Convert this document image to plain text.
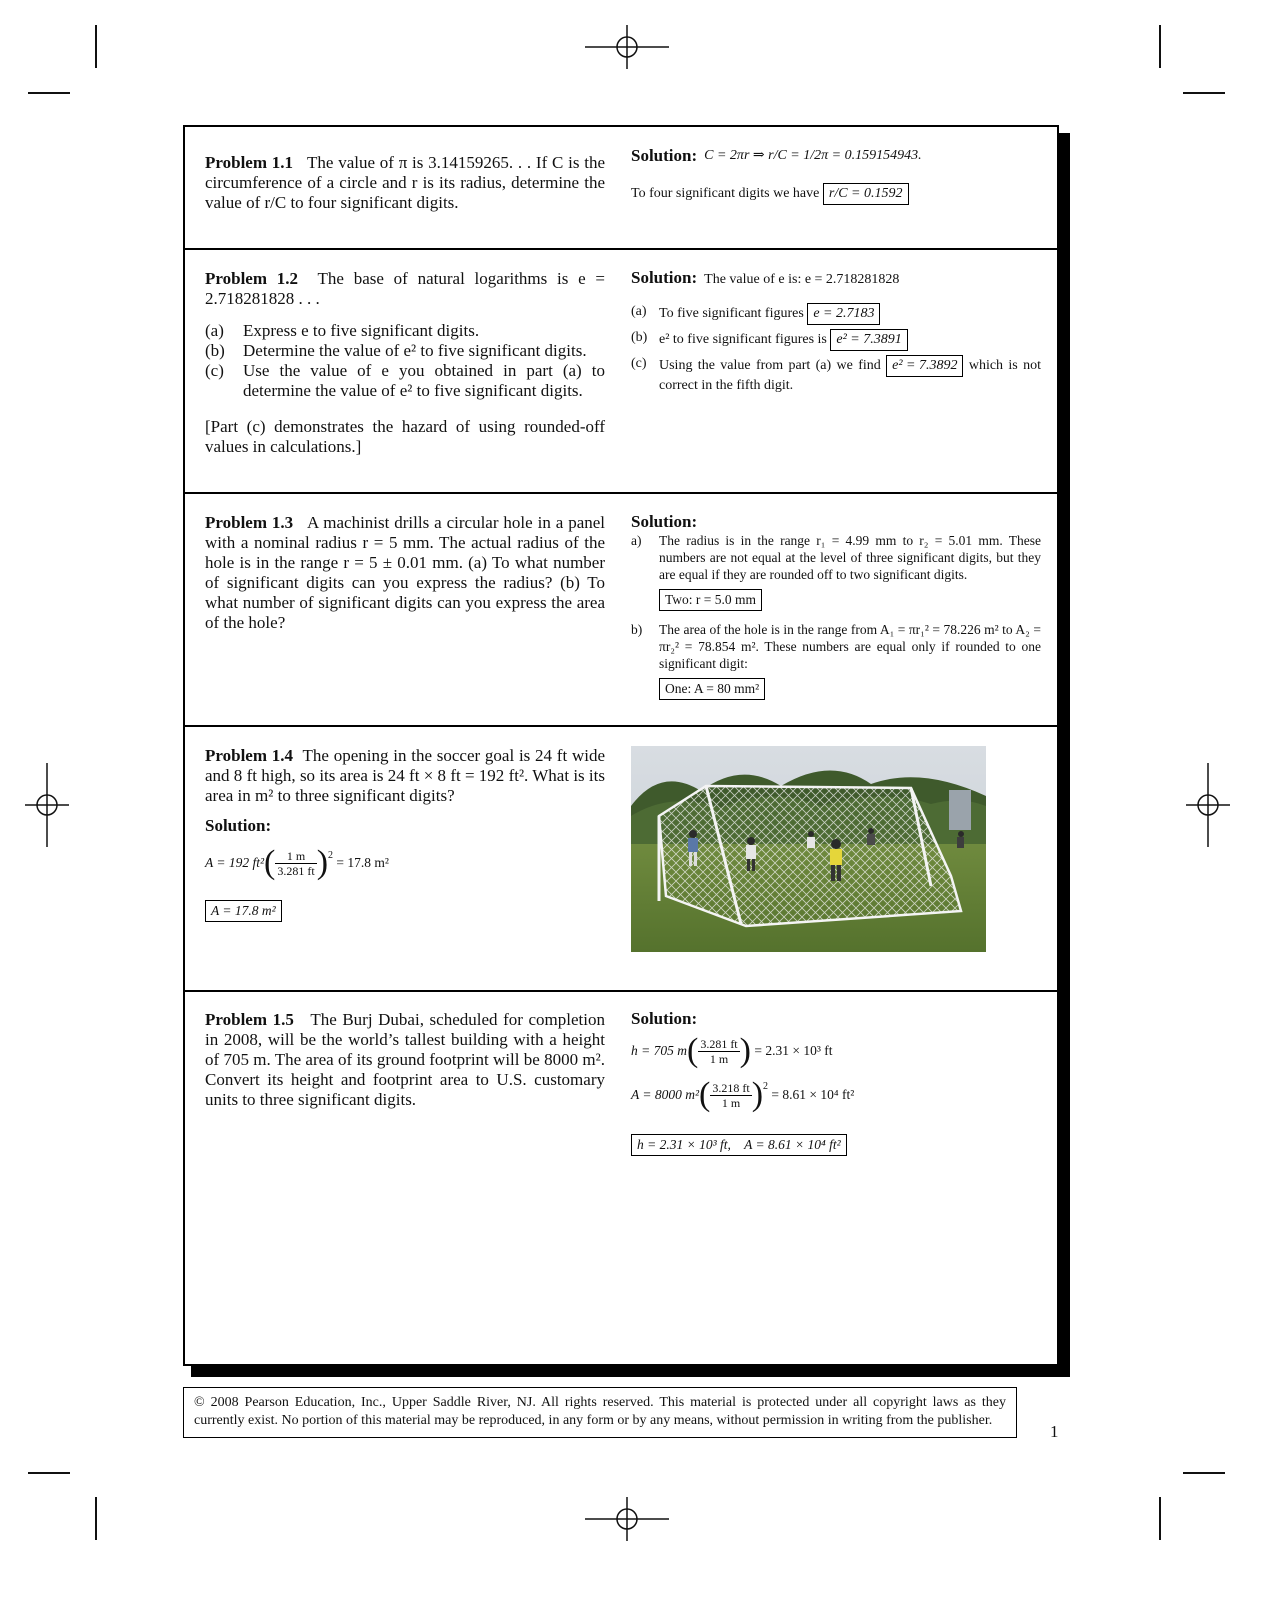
Problem 1.1 The value of π is 3.14159265. . . If C is the circumference of a circle and r is its radius, determine the value of r/C to four significant digits.
Solution:
C = 2πr ⇒ r/C = 1/2π = 0.159154943.
To four significant digits we have
r/C = 0.1592
Problem 1.2 The base of natural logarithms is e = 2.718281828 . . .
(a)	Express e to five significant digits.
(b)	Determine the value of e² to five significant digits.
(c)	Use the value of e you obtained in part (a) to determine the value of e² to five significant digits.
[Part (c) demonstrates the hazard of using rounded-off values in calculations.]
Solution: The value of e is: e = 2.718281828
(a) To five significant figures e = 2.7183
(b) e² to five significant figures is e² = 7.3891
(c) Using the value from part (a) we find e² = 7.3892 which is not correct in the fifth digit.
Problem 1.3 A machinist drills a circular hole in a panel with a nominal radius r = 5 mm. The actual radius of the hole is in the range r = 5 ± 0.01 mm. (a) To what number of significant digits can you express the radius? (b) To what number of significant digits can you express the area of the hole?
Solution:
a)	The radius is in the range r₁ = 4.99 mm to r₂ = 5.01 mm. These numbers are not equal at the level of three significant digits, but they are equal if they are rounded off to two significant digits.
Two: r = 5.0 mm
b)	The area of the hole is in the range from A₁ = πr₁² = 78.226 m² to A₂ = πr₂² = 78.854 m². These numbers are equal only if rounded to one significant digit:
One: A = 80 mm²
Problem 1.4 The opening in the soccer goal is 24 ft wide and 8 ft high, so its area is 24 ft × 8 ft = 192 ft². What is its area in m² to three significant digits?
Solution:
A = 192 ft² ( $\frac{1 m}{3.281 ft} )^2$
= 17.8 m²
A = 17.8 m²
Problem 1.5 The Burj Dubai, scheduled for completion in 2008, will be the world’s tallest building with a height of 705 m. The area of its ground footprint will be 8000 m². Convert its height and footprint area to U.S. customary units to three significant digits.
Solution:
h = 705 m ( $\frac{3.281 ft}{1 m}$ )
= 2.31 × 10³ ft
A = 8000 m² ( $\frac{3.218 ft}{1 m} )^2$

= 8.61 × 10⁴ ft²
h = 2.31 × 10³ ft,    A = 8.61 × 10⁴ ft²
© 2008 Pearson Education, Inc., Upper Saddle River, NJ. All rights reserved. This material is protected under all copyright laws as they
currently exist. No portion of this material may be reproduced, in any form or by any means, without permission in writing from the publisher.
1
